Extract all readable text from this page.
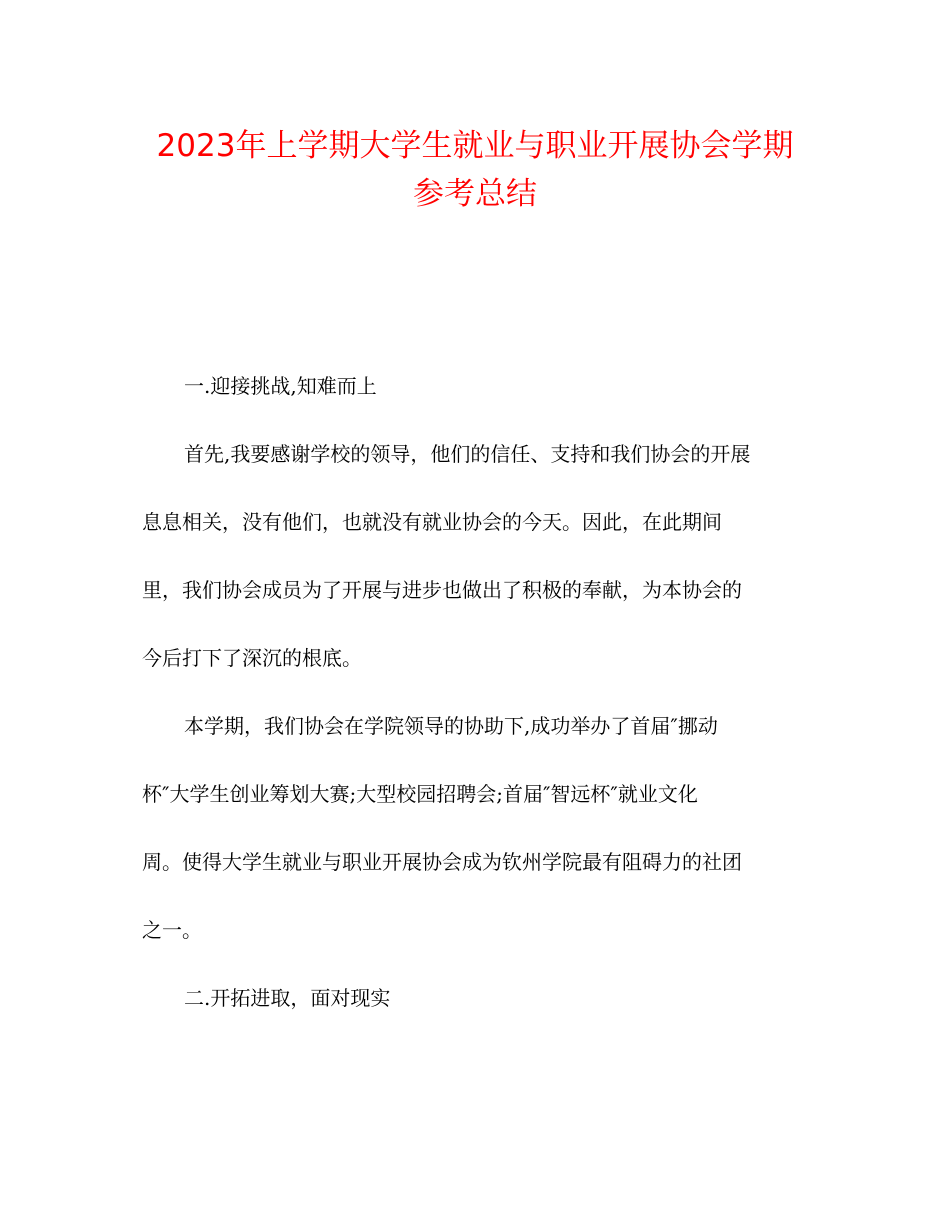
2023年上学期大学生就业与职业开展协会学期
参考总结
一.迎接挑战,知难而上
首先,我要感谢学校的领导，他们的信任、支持和我们协会的开展
息息相关，没有他们，也就没有就业协会的今天。因此，在此期间
里，我们协会成员为了开展与进步也做出了积极的奉献，为本协会的
今后打下了深沉的根底。
本学期，我们协会在学院领导的协助下,成功举办了首届″挪动
杯″大学生创业筹划大赛;大型校园招聘会;首届″智远杯″就业文化
周。使得大学生就业与职业开展协会成为钦州学院最有阻碍力的社团
之一。
二.开拓进取，面对现实
